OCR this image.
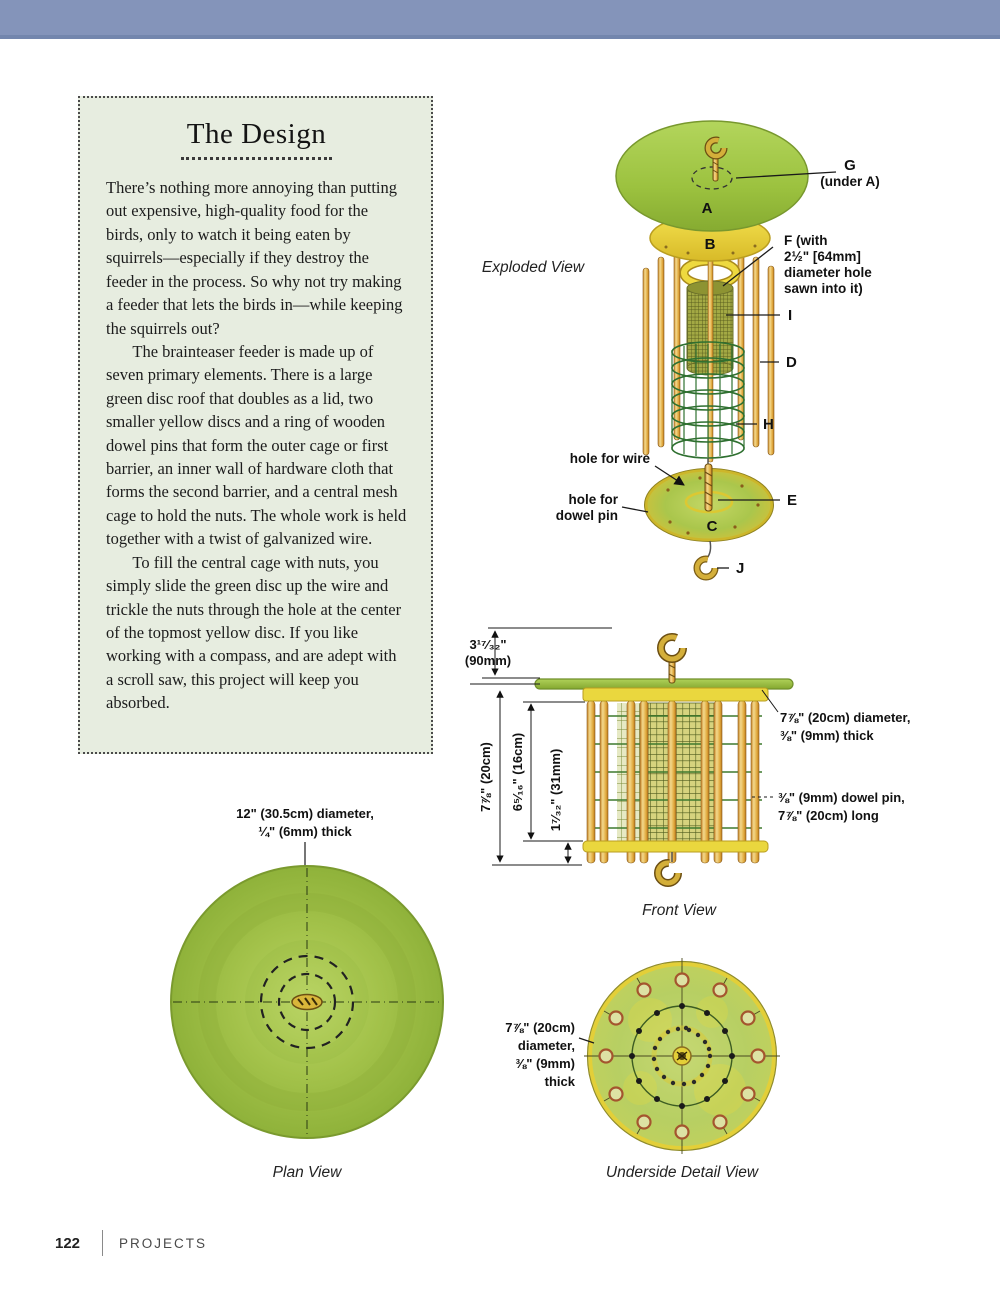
The Design

There’s nothing more annoying than putting out expensive, high-quality food for the birds, only to watch it being eaten by squirrels—especially if they destroy the feeder in the process. So why not try making a feeder that lets the birds in—while keeping the squirrels out?

The brainteaser feeder is made up of seven primary elements. There is a large green disc roof that doubles as a lid, two smaller yellow discs and a ring of wooden dowel pins that form the outer cage or first barrier, an inner wall of hardware cloth that forms the second barrier, and a central mesh cage to hold the nuts. The whole work is held together with a twist of galvanized wire.

To fill the central cage with nuts, you simply slide the green disc up the wire and trickle the nuts through the hole at the center of the topmost yellow disc. If you like working with a compass, and are adept with a scroll saw, this project will keep you absorbed.

Exploded View
A
B
C
D
E
G
(under A)
F (with
2½" [64mm]
diameter hole
sawn into it)
I
H
J
hole for wire
hole for
dowel pin
3¹⁷⁄₃₂"
(90mm)
7⅞" (20cm) 6⁵⁄₁₆" (16cm) 1⁷⁄₃₂" (31mm)
7⅞" (20cm) diameter,
⅜" (9mm) thick
⅜" (9mm) dowel pin,
7⅞" (20cm) long
Front View
12" (30.5cm) diameter,
¼" (6mm) thick
Plan View
7⅞" (20cm)
diameter,
⅜" (9mm)
thick
Underside Detail View
122	PROJECTS
